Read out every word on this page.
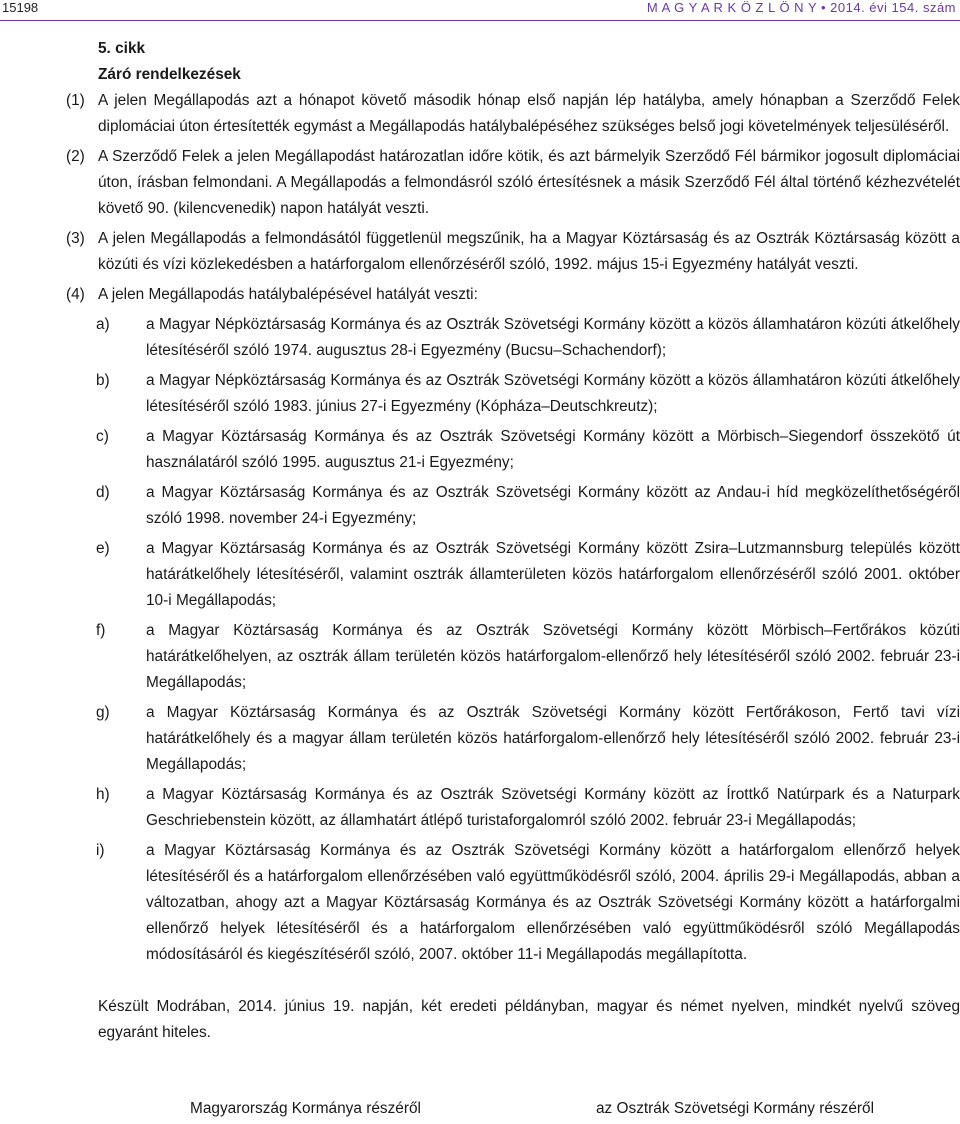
15198	M A G Y A R K Ö Z L Ö N Y • 2014. évi 154. szám
5. cikk
Záró rendelkezések
(1) A jelen Megállapodás azt a hónapot követő második hónap első napján lép hatályba, amely hónapban a Szerződő Felek diplomáciai úton értesítették egymást a Megállapodás hatálybalépéséhez szükséges belső jogi követelmények teljesüléséről.
(2) A Szerződő Felek a jelen Megállapodást határozatlan időre kötik, és azt bármelyik Szerződő Fél bármikor jogosult diplomáciai úton, írásban felmondani. A Megállapodás a felmondásról szóló értesítésnek a másik Szerződő Fél által történő kézhezvételét követő 90. (kilencvenedik) napon hatályát veszti.
(3) A jelen Megállapodás a felmondásától függetlenül megszűnik, ha a Magyar Köztársaság és az Osztrák Köztársaság között a közúti és vízi közlekedésben a határforgalom ellenőrzéséről szóló, 1992. május 15-i Egyezmény hatályát veszti.
(4) A jelen Megállapodás hatálybalépésével hatályát veszti:
a)	a Magyar Népköztársaság Kormánya és az Osztrák Szövetségi Kormány között a közös államhatáron közúti átkelőhely létesítéséről szóló 1974. augusztus 28-i Egyezmény (Bucsu–Schachendorf);
b)	a Magyar Népköztársaság Kormánya és az Osztrák Szövetségi Kormány között a közös államhatáron közúti átkelőhely létesítéséről szóló 1983. június 27-i Egyezmény (Kópháza–Deutschkreutz);
c)	a Magyar Köztársaság Kormánya és az Osztrák Szövetségi Kormány között a Mörbisch–Siegendorf összekötő út használatáról szóló 1995. augusztus 21-i Egyezmény;
d)	a Magyar Köztársaság Kormánya és az Osztrák Szövetségi Kormány között az Andau-i híd megközelíthetőségéről szóló 1998. november 24-i Egyezmény;
e)	a Magyar Köztársaság Kormánya és az Osztrák Szövetségi Kormány között Zsira–Lutzmannsburg település között határátkelőhely létesítéséről, valamint osztrák államterületen közös határforgalom ellenőrzéséről szóló 2001. október 10-i Megállapodás;
f)	a Magyar Köztársaság Kormánya és az Osztrák Szövetségi Kormány között Mörbisch–Fertőrákos közúti határátkelőhelyen, az osztrák állam területén közös határforgalom-ellenőrző hely létesítéséről szóló 2002. február 23-i Megállapodás;
g)	a Magyar Köztársaság Kormánya és az Osztrák Szövetségi Kormány között Fertőrákoson, Fertő tavi vízi határátkelőhely és a magyar állam területén közös határforgalom-ellenőrző hely létesítéséről szóló 2002. február 23-i Megállapodás;
h)	a Magyar Köztársaság Kormánya és az Osztrák Szövetségi Kormány között az Írottkő Natúrpark és a Naturpark Geschriebenstein között, az államhatárt átlépő turistaforgalomról szóló 2002. február 23-i Megállapodás;
i)	a Magyar Köztársaság Kormánya és az Osztrák Szövetségi Kormány között a határforgalom ellenőrző helyek létesítéséről és a határforgalom ellenőrzésében való együttműködésről szóló, 2004. április 29-i Megállapodás, abban a változatban, ahogy azt a Magyar Köztársaság Kormánya és az Osztrák Szövetségi Kormány között a határforgalmi ellenőrző helyek létesítéséről és a határforgalom ellenőrzésében való együttműködésről szóló Megállapodás módosításáról és kiegészítéséről szóló, 2007. október 11-i Megállapodás megállapította.
Készült Modrában, 2014. június 19. napján, két eredeti példányban, magyar és német nyelven, mindkét nyelvű szöveg egyaránt hiteles.
Magyarország Kormánya részéről	az Osztrák Szövetségi Kormány részéről
